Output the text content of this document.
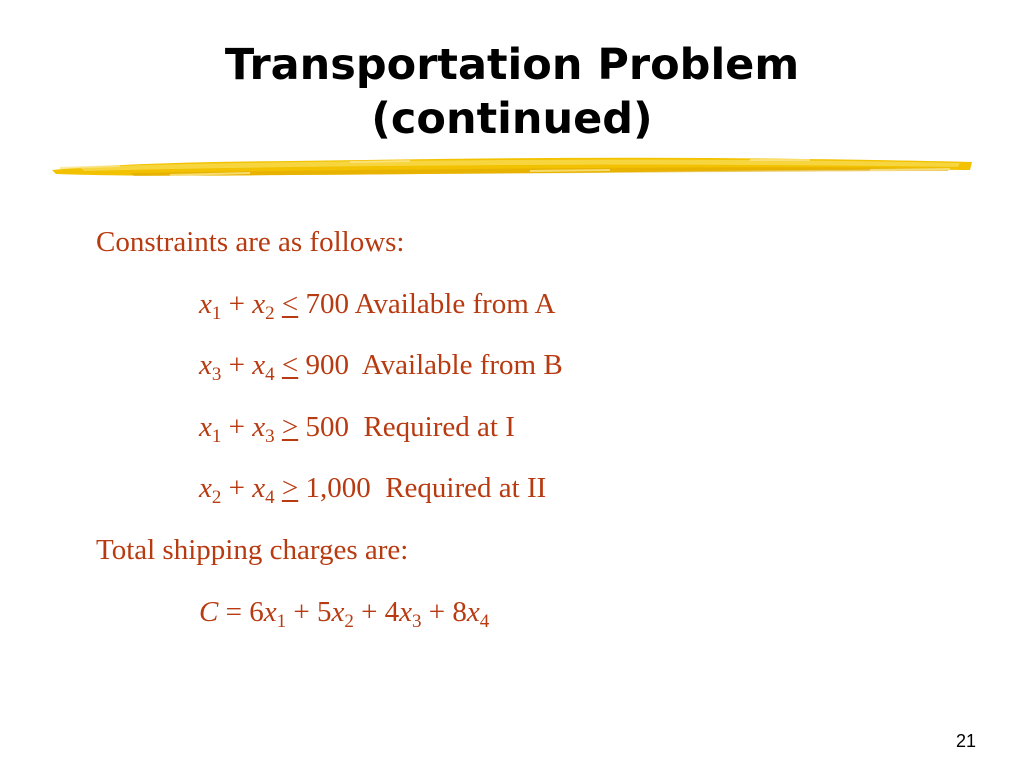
Transportation Problem
(continued)
Constraints are as follows:
$x_1 + x_2 < 700$ Available from A
$x_3 + x_4 < 900$ Available from B
$x_1 + x_3 > 500$ Required at I
$x_2 + x_4 > 1,000$ Required at II
Total shipping charges are:
$C = 6x_1 + 5x_2 + 4x_3 + 8x_4$
21
